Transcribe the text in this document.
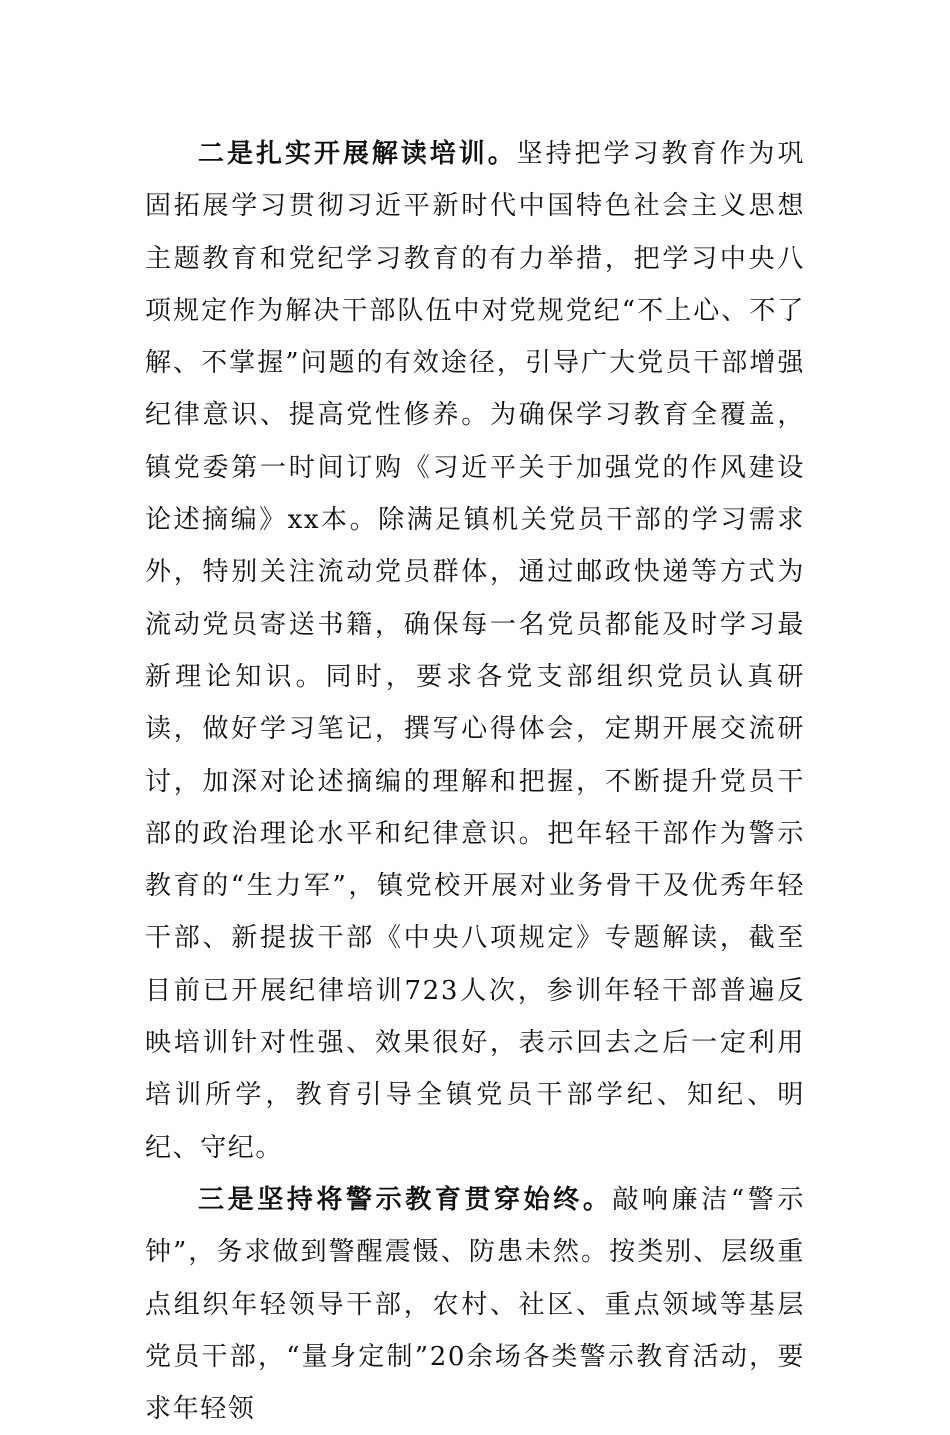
二是扎实开展解读培训。坚持把学习教育作为巩固拓展学习贯彻习近平新时代中国特色社会主义思想主题教育和党纪学习教育的有力举措，把学习中央八项规定作为解决干部队伍中对党规党纪“不上心、不了解、不掌握”问题的有效途径，引导广大党员干部增强纪律意识、提高党性修养。为确保学习教育全覆盖，镇党委第一时间订购《习近平关于加强党的作风建设论述摘编》xx本。除满足镇机关党员干部的学习需求外，特别关注流动党员群体，通过邮政快递等方式为流动党员寄送书籍，确保每一名党员都能及时学习最新理论知识。同时，要求各党支部组织党员认真研读，做好学习笔记，撰写心得体会，定期开展交流研讨，加深对论述摘编的理解和把握，不断提升党员干部的政治理论水平和纪律意识。把年轻干部作为警示教育的“生力军”，镇党校开展对业务骨干及优秀年轻干部、新提拔干部《中央八项规定》专题解读，截至目前已开展纪律培训723人次，参训年轻干部普遍反映培训针对性强、效果很好，表示回去之后一定利用培训所学，教育引导全镇党员干部学纪、知纪、明纪、守纪。

三是坚持将警示教育贯穿始终。敲响廉洁“警示钟”，务求做到警醒震慑、防患未然。按类别、层级重点组织年轻领导干部，农村、社区、重点领域等基层党员干部，“量身定制”20余场各类警示教育活动，要求年轻领
